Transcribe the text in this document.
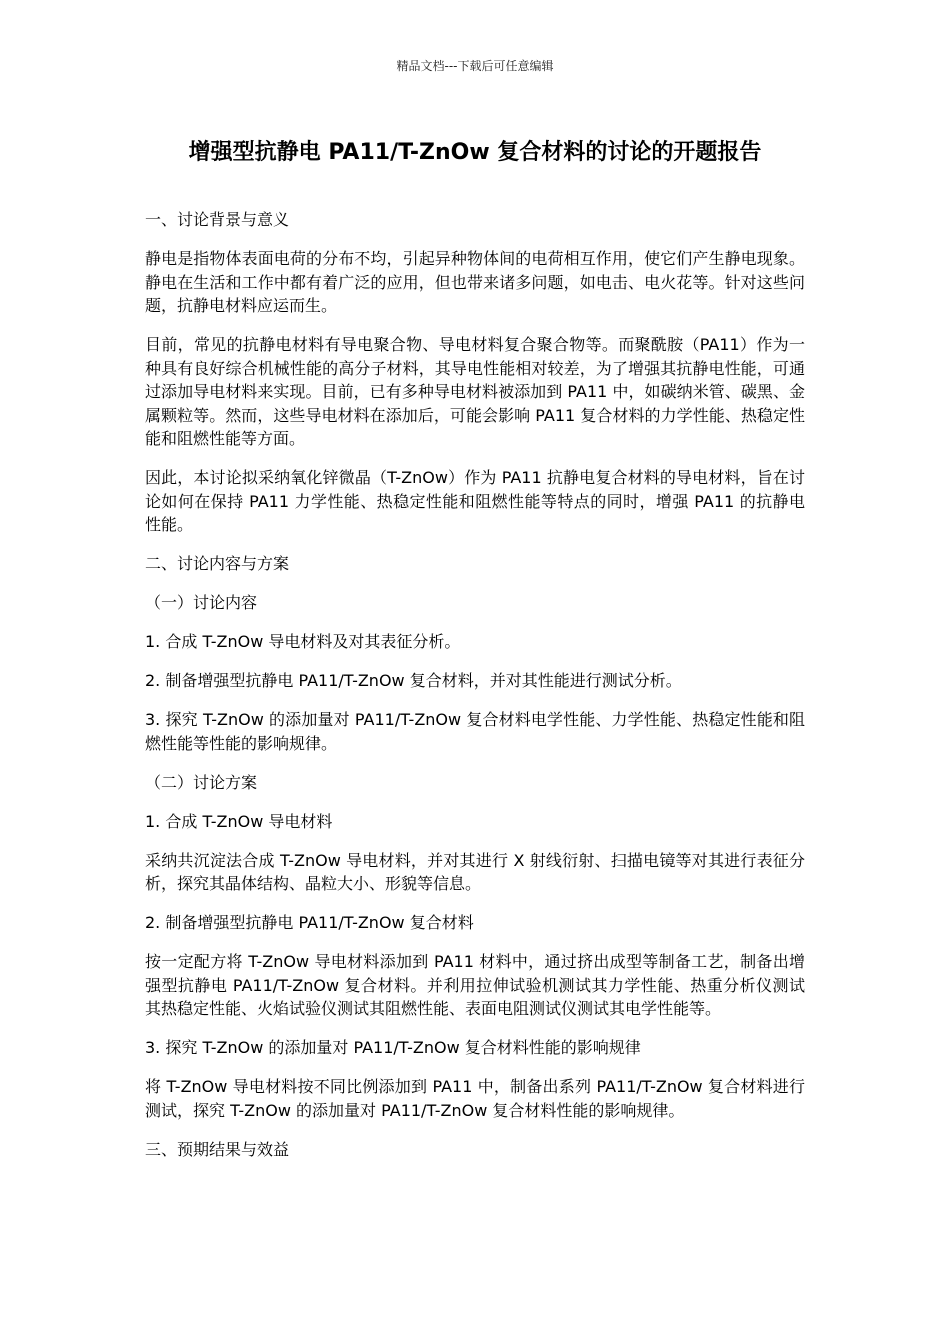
精品文档---下载后可任意编辑
增强型抗静电 PA11/T-ZnOw 复合材料的讨论的开题报告

一、讨论背景与意义

静电是指物体表面电荷的分布不均，引起异种物体间的电荷相互作用，使它们产生静电现象。静电在生活和工作中都有着广泛的应用，但也带来诸多问题，如电击、电火花等。针对这些问题，抗静电材料应运而生。

目前，常见的抗静电材料有导电聚合物、导电材料复合聚合物等。而聚酰胺（PA11）作为一种具有良好综合机械性能的高分子材料，其导电性能相对较差，为了增强其抗静电性能，可通过添加导电材料来实现。目前，已有多种导电材料被添加到 PA11 中，如碳纳米管、碳黑、金属颗粒等。然而，这些导电材料在添加后，可能会影响 PA11 复合材料的力学性能、热稳定性能和阻燃性能等方面。

因此，本讨论拟采纳氧化锌微晶（T-ZnOw）作为 PA11 抗静电复合材料的导电材料，旨在讨论如何在保持 PA11 力学性能、热稳定性能和阻燃性能等特点的同时，增强 PA11 的抗静电性能。

二、讨论内容与方案

（一）讨论内容

1. 合成 T-ZnOw 导电材料及对其表征分析。

2. 制备增强型抗静电 PA11/T-ZnOw 复合材料，并对其性能进行测试分析。

3. 探究 T-ZnOw 的添加量对 PA11/T-ZnOw 复合材料电学性能、力学性能、热稳定性能和阻燃性能等性能的影响规律。

（二）讨论方案

1. 合成 T-ZnOw 导电材料

采纳共沉淀法合成 T-ZnOw 导电材料，并对其进行 X 射线衍射、扫描电镜等对其进行表征分析，探究其晶体结构、晶粒大小、形貌等信息。

2. 制备增强型抗静电 PA11/T-ZnOw 复合材料

按一定配方将 T-ZnOw 导电材料添加到 PA11 材料中，通过挤出成型等制备工艺，制备出增强型抗静电 PA11/T-ZnOw 复合材料。并利用拉伸试验机测试其力学性能、热重分析仪测试其热稳定性能、火焰试验仪测试其阻燃性能、表面电阻测试仪测试其电学性能等。

3. 探究 T-ZnOw 的添加量对 PA11/T-ZnOw 复合材料性能的影响规律

将 T-ZnOw 导电材料按不同比例添加到 PA11 中，制备出系列 PA11/T-ZnOw 复合材料进行测试，探究 T-ZnOw 的添加量对 PA11/T-ZnOw 复合材料性能的影响规律。

三、预期结果与效益
